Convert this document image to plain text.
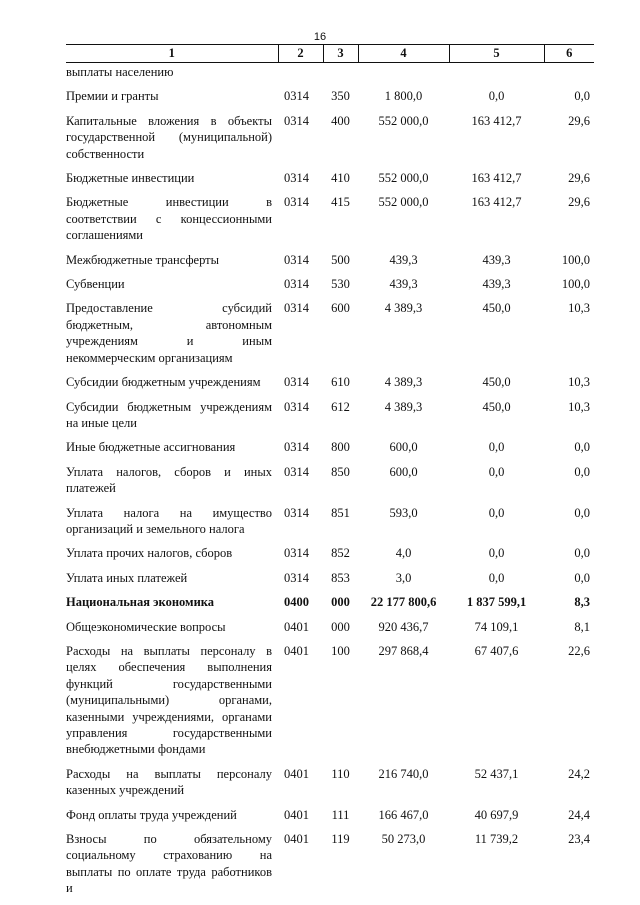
16
1	2	3	4	5	6
выплаты населению					
Премии и гранты	0314	350	1 800,0	0,0	0,0
Капитальные вложения в объекты государственной (муниципальной) собственности	0314	400	552 000,0	163 412,7	29,6
Бюджетные инвестиции	0314	410	552 000,0	163 412,7	29,6
Бюджетные инвестиции в соответствии с концессионными соглашениями	0314	415	552 000,0	163 412,7	29,6
Межбюджетные трансферты	0314	500	439,3	439,3	100,0
Субвенции	0314	530	439,3	439,3	100,0
Предоставление субсидий бюджетным, автономным учреждениям и иным некоммерческим организациям	0314	600	4 389,3	450,0	10,3
Субсидии бюджетным учреждениям	0314	610	4 389,3	450,0	10,3
Субсидии бюджетным учреждениям на иные цели	0314	612	4 389,3	450,0	10,3
Иные бюджетные ассигнования	0314	800	600,0	0,0	0,0
Уплата налогов, сборов и иных платежей	0314	850	600,0	0,0	0,0
Уплата налога на имущество организаций и земельного налога	0314	851	593,0	0,0	0,0
Уплата прочих налогов, сборов	0314	852	4,0	0,0	0,0
Уплата иных платежей	0314	853	3,0	0,0	0,0
Национальная экономика	0400	000	22 177 800,6	1 837 599,1	8,3
Общеэкономические вопросы	0401	000	920 436,7	74 109,1	8,1
Расходы на выплаты персоналу в целях обеспечения выполнения функций государственными (муниципальными) органами, казенными учреждениями, органами управления государственными внебюджетными фондами	0401	100	297 868,4	67 407,6	22,6
Расходы на выплаты персоналу казенных учреждений	0401	110	216 740,0	52 437,1	24,2
Фонд оплаты труда учреждений	0401	111	166 467,0	40 697,9	24,4
Взносы по обязательному социальному страхованию на выплаты по оплате труда работников и	0401	119	50 273,0	11 739,2	23,4
